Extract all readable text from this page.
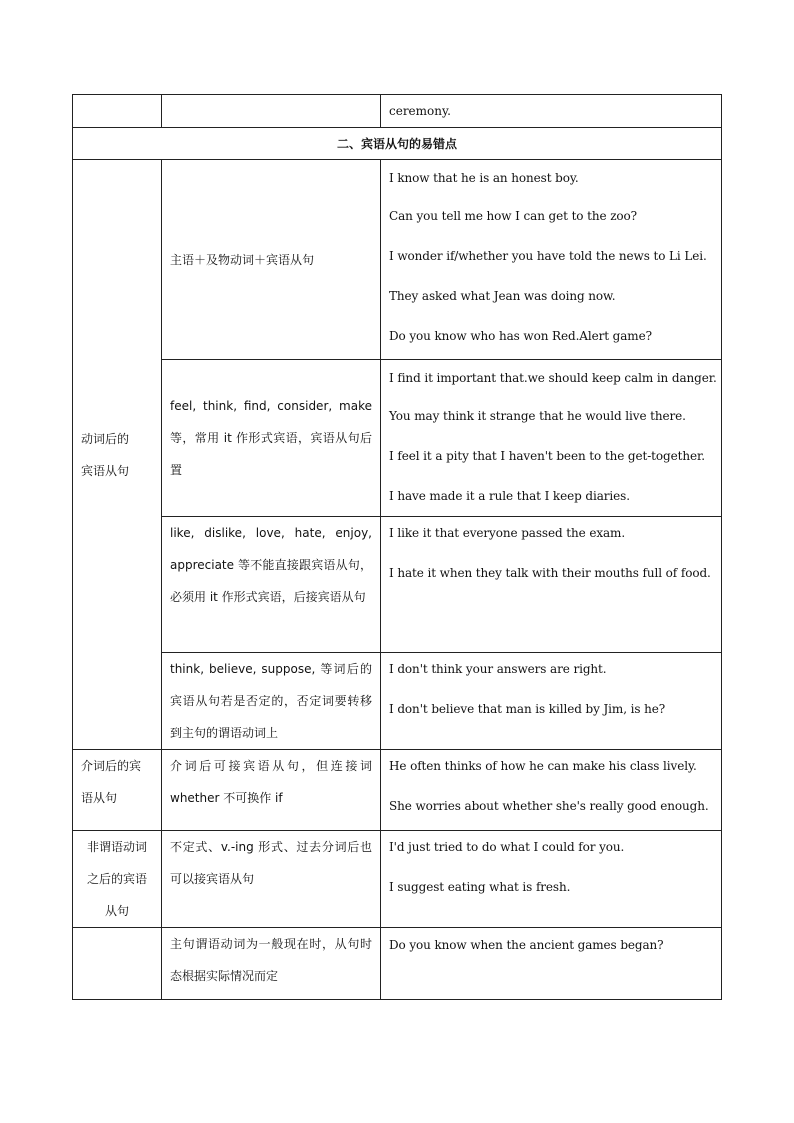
		ceremony.
二、宾语从句的易错点		
动词后的
宾语从句	主语＋及物动词＋宾语从句	I know that he is an honest boy.
Can you tell me how I can get to the zoo?
I wonder if/whether you have told the news to Li Lei.
They asked what Jean was doing now.
Do you know who has won Red.Alert game?

	feel, think, find, consider, make 等，常用 it 作形式宾语，宾语从句后置	I find it important that.we should keep calm in danger.
You may think it strange that he would live there.
I feel it a pity that I haven't been to the get-together.
I have made it a rule that I keep diaries.

	like, dislike, love, hate, enjoy, appreciate 等不能直接跟宾语从句，必须用 it 作形式宾语，后接宾语从句	I like it that everyone passed the exam.
I hate it when they talk with their mouths full of food.

	think, believe, suppose, 等词后的宾语从句若是否定的，否定词要转移到主句的谓语动词上	I don't think your answers are right.
I don't believe that man is killed by Jim, is he?

介词后的宾
语从句	介词后可接宾语从句，但连接词 whether 不可换作 if	He often thinks of how he can make his class lively.
She worries about whether she's really good enough.

非谓语动词
之后的宾语
从句	不定式、v.-ing 形式、过去分词后也可以接宾语从句	I'd just tried to do what I could for you.
I suggest eating what is fresh.

	主句谓语动词为一般现在时，从句时态根据实际情况而定	Do you know when the ancient games began?
